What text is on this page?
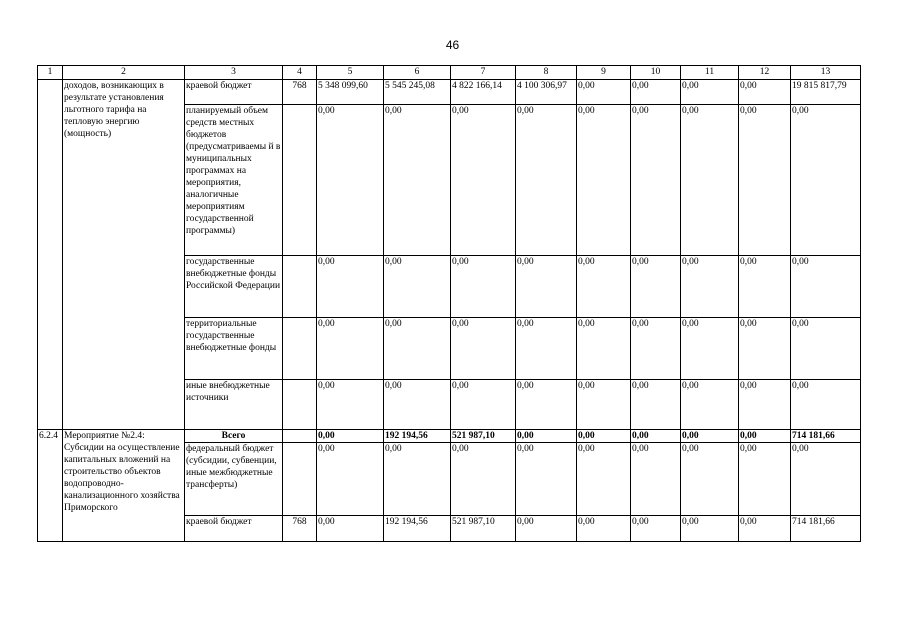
46
1	2	3	4	5	6	7	8	9	10	11	12	13
	доходов, возникающих в результате установления льготного тарифа на тепловую энергию (мощность)	краевой бюджет	768	5 348 099,60	5 545 245,08	4 822 166,14	4 100 306,97	0,00	0,00	0,00	0,00	19 815 817,79
		планируемый объем средств местных бюджетов (предусматриваемы й в муниципальных программах на мероприятия, аналогичные мероприятиям государственной программы)		0,00	0,00	0,00	0,00	0,00	0,00	0,00	0,00	0,00
		государственные внебюджетные фонды Российской Федерации		0,00	0,00	0,00	0,00	0,00	0,00	0,00	0,00	0,00
		территориальные государственные внебюджетные фонды		0,00	0,00	0,00	0,00	0,00	0,00	0,00	0,00	0,00
		иные внебюджетные источники		0,00	0,00	0,00	0,00	0,00	0,00	0,00	0,00	0,00
6.2.4	Мероприятие №2.4: Субсидии на осуществление капитальных вложений на строительство объектов водопроводно-канализационного хозяйства Приморского	Всего		0,00	192 194,56	521 987,10	0,00	0,00	0,00	0,00	0,00	714 181,66
		федеральный бюджет (субсидии, субвенции, иные межбюджетные трансферты)		0,00	0,00	0,00	0,00	0,00	0,00	0,00	0,00	0,00
		краевой бюджет	768	0,00	192 194,56	521 987,10	0,00	0,00	0,00	0,00	0,00	714 181,66
